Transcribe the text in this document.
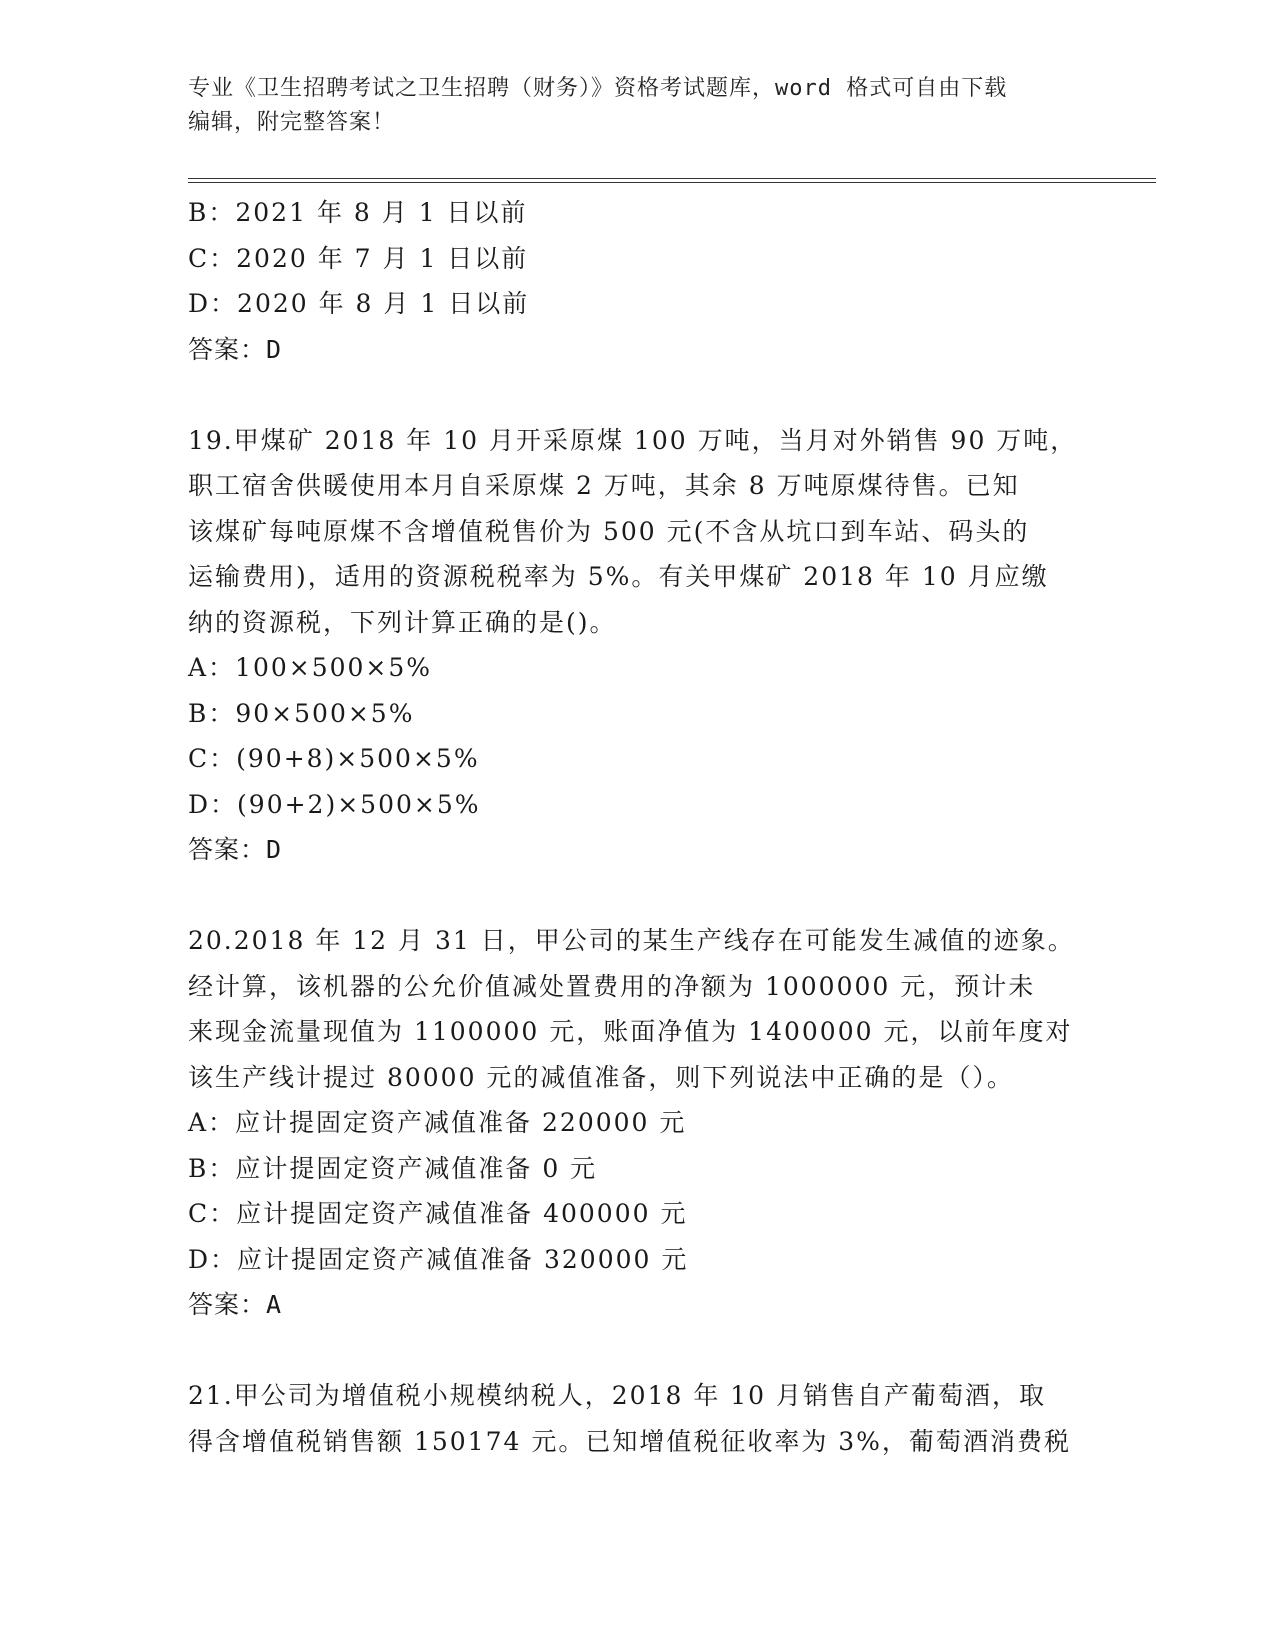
专业《卫生招聘考试之卫生招聘（财务）》资格考试题库，word 格式可自由下载
编辑，附完整答案！
B：2021 年 8 月 1 日以前
C：2020 年 7 月 1 日以前
D：2020 年 8 月 1 日以前
答案：D
19.甲煤矿 2018 年 10 月开采原煤 100 万吨，当月对外销售 90 万吨，
职工宿舍供暖使用本月自采原煤 2 万吨，其余 8 万吨原煤待售。已知
该煤矿每吨原煤不含增值税售价为 500 元(不含从坑口到车站、码头的
运输费用)，适用的资源税税率为 5%。有关甲煤矿 2018 年 10 月应缴
纳的资源税，下列计算正确的是()。
A：100×500×5%
B：90×500×5%
C：(90+8)×500×5%
D：(90+2)×500×5%
答案：D
20.2018 年 12 月 31 日，甲公司的某生产线存在可能发生减值的迹象。
经计算，该机器的公允价值减处置费用的净额为 1000000 元，预计未
来现金流量现值为 1100000 元，账面净值为 1400000 元，以前年度对
该生产线计提过 80000 元的减值准备，则下列说法中正确的是（）。
A：应计提固定资产减值准备 220000 元
B：应计提固定资产减值准备 0 元
C：应计提固定资产减值准备 400000 元
D：应计提固定资产减值准备 320000 元
答案：A
21.甲公司为增值税小规模纳税人，2018 年 10 月销售自产葡萄酒，取
得含增值税销售额 150174 元。已知增值税征收率为 3%，葡萄酒消费税
